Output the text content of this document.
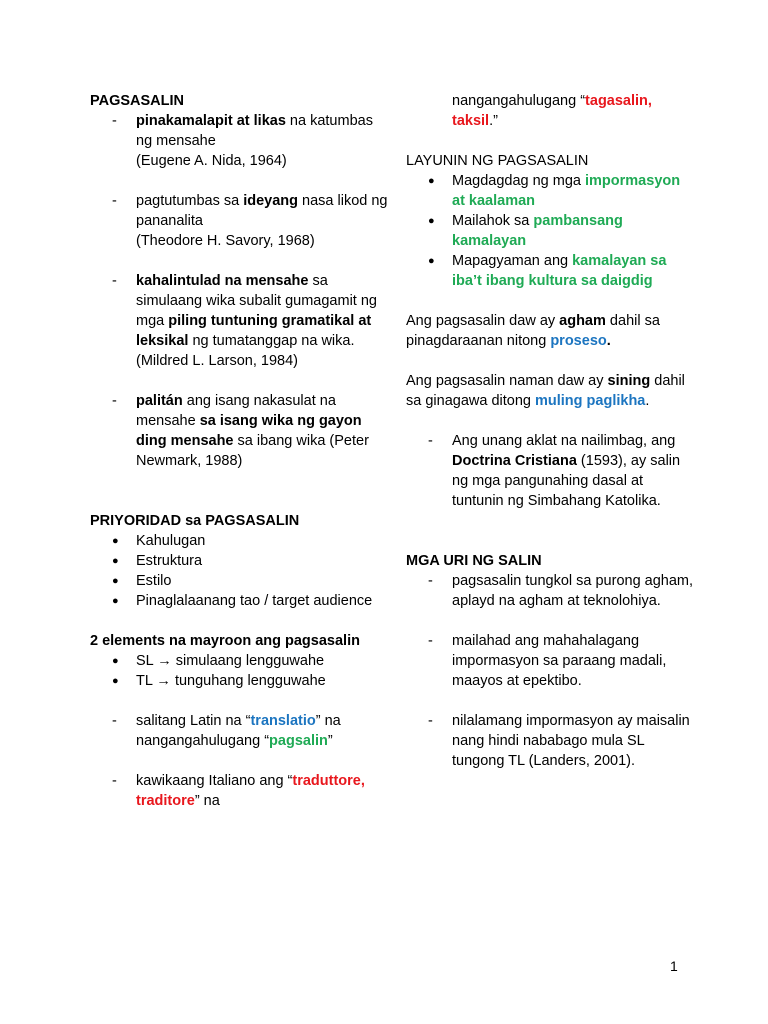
PAGSASALIN
- pinakamalapit at likas na katumbas ng mensahe
(Eugene A. Nida, 1964)
- pagtutumbas sa ideyang nasa likod ng pananalita
(Theodore H. Savory, 1968)
- kahalintulad na mensahe sa simulaang wika subalit gumagamit ng mga piling tuntuning gramatikal at leksikal ng tumatanggap na wika.
(Mildred L. Larson, 1984)
- palitán ang isang nakasulat na mensahe sa isang wika ng gayon ding mensahe sa ibang wika (Peter Newmark, 1988)
PRIYORIDAD sa PAGSASALIN
● Kahulugan
● Estruktura
● Estilo
● Pinaglalaanang tao / target audience
2 elements na mayroon ang pagsasalin
● SL → simulaang lengguwahe
● TL → tunguhang lengguwahe
- salitang Latin na “translatio” na nangangahulugang “pagsalin”
- kawikaang Italiano ang “traduttore, traditore” na
nangangahulugang “tagasalin, taksil.”
LAYUNIN NG PAGSASALIN
● Magdagdag ng mga impormasyon at kaalaman
● Mailahok sa pambansang kamalayan
● Mapagyaman ang kamalayan sa iba’t ibang kultura sa daigdig
Ang pagsasalin daw ay agham dahil sa pinagdaraanan nitong proseso.
Ang pagsasalin naman daw ay sining dahil sa ginagawa ditong muling paglikha.
- Ang unang aklat na nailimbag, ang Doctrina Cristiana (1593), ay salin ng mga pangunahing dasal at tuntunin ng Simbahang Katolika.
MGA URI NG SALIN
- pagsasalin tungkol sa purong agham, aplayd na agham at teknolohiya.
- mailahad ang mahahalagang impormasyon sa paraang madali, maayos at epektibo.
- nilalamang impormasyon ay maisalin nang hindi nababago mula SL tungong TL (Landers, 2001).
1
